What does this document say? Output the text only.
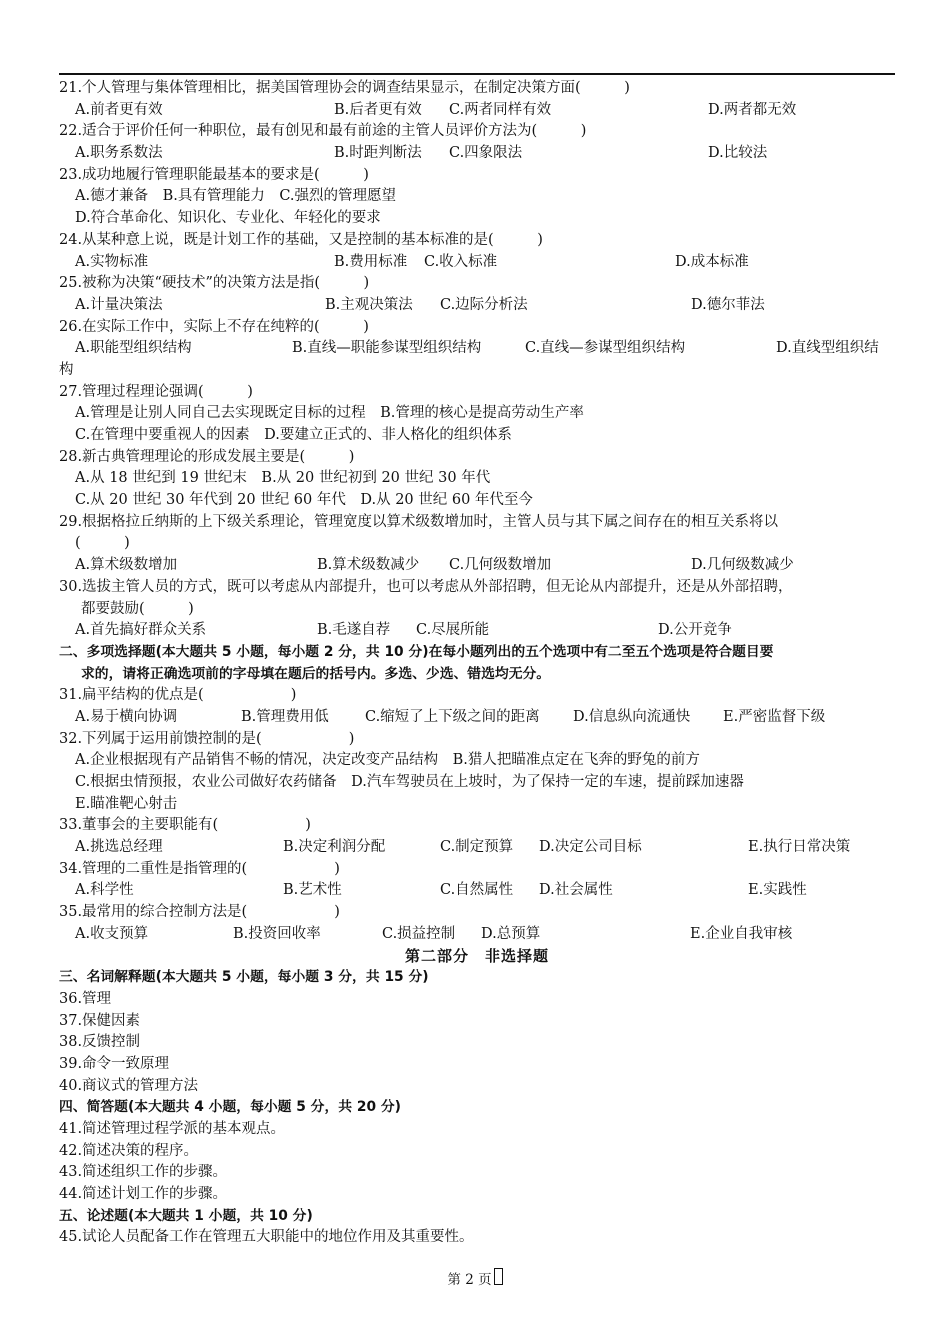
21.个人管理与集体管理相比，据美国管理协会的调查结果显示，在制定决策方面(　　　)
A.前者更有效	B.后者更有效 C.两者同样有效	D.两者都无效
22.适合于评价任何一种职位，最有创见和最有前途的主管人员评价方法为(　　　)
A.职务系数法	B.时距判断法 C.四象限法	D.比较法
23.成功地履行管理职能最基本的要求是(　　　)
A.德才兼备　B.具有管理能力　C.强烈的管理愿望
D.符合革命化、知识化、专业化、年轻化的要求
24.从某种意上说，既是计划工作的基础，又是控制的基本标准的是(　　　)
A.实物标准	B.费用标准 C.收入标准	D.成本标准
25.被称为决策“硬技术”的决策方法是指(　　　)
A.计量决策法	B.主观决策法 C.边际分析法	D.德尔菲法
26.在实际工作中，实际上不存在纯粹的(　　　)
A.职能型组织结构	B.直线—职能参谋型组织结构	C.直线—参谋型组织结构	D.直线型组织结
构
27.管理过程理论强调(　　　)
A.管理是让别人同自己去实现既定目标的过程　B.管理的核心是提高劳动生产率
C.在管理中要重视人的因素　D.要建立正式的、非人格化的组织体系
28.新古典管理理论的形成发展主要是(　　　)
A.从 18 世纪到 19 世纪末　B.从 20 世纪初到 20 世纪 30 年代
C.从 20 世纪 30 年代到 20 世纪 60 年代　D.从 20 世纪 60 年代至今
29.根据格拉丘纳斯的上下级关系理论，管理宽度以算术级数增加时，主管人员与其下属之间存在的相互关系将以
(　　　)
A.算术级数增加	B.算术级数减少 C.几何级数增加	D.几何级数减少
30.选拔主管人员的方式，既可以考虑从内部提升，也可以考虑从外部招聘，但无论从内部提升，还是从外部招聘，
都要鼓励(　　　)
A.首先搞好群众关系	B.毛遂自荐 C.尽展所能	D.公开竞争
二、多项选择题(本大题共 5 小题，每小题 2 分，共 10 分)在每小题列出的五个选项中有二至五个选项是符合题目要
求的，请将正确选项前的字母填在题后的括号内。多选、少选、错选均无分。
31.扁平结构的优点是(　　　　　　)
A.易于横向协调	B.管理费用低 C.缩短了上下级之间的距离 D.信息纵向流通快 E.严密监督下级
32.下列属于运用前馈控制的是(　　　　　　)
A.企业根据现有产品销售不畅的情况，决定改变产品结构　B.猎人把瞄准点定在飞奔的野兔的前方
C.根据虫情预报，农业公司做好农药储备　D.汽车驾驶员在上坡时，为了保持一定的车速，提前踩加速器
E.瞄准靶心射击
33.董事会的主要职能有(　　　　　　)
A.挑选总经理	B.决定利润分配	C.制定预算 D.决定公司目标	E.执行日常决策
34.管理的二重性是指管理的(　　　　　　)
A.科学性	B.艺术性	C.自然属性 D.社会属性	E.实践性
35.最常用的综合控制方法是(　　　　　　)
A.收支预算	B.投资回收率	C.损益控制 D.总预算	E.企业自我审核
第二部分　非选择题
三、名词解释题(本大题共 5 小题，每小题 3 分，共 15 分)
36.管理
37.保健因素
38.反馈控制
39.命令一致原理
40.商议式的管理方法
四、简答题(本大题共 4 小题，每小题 5 分，共 20 分)
41.简述管理过程学派的基本观点。
42.简述决策的程序。
43.简述组织工作的步骤。
44.简述计划工作的步骤。
五、论述题(本大题共 1 小题，共 10 分)
45.试论人员配备工作在管理五大职能中的地位作用及其重要性。
第 2 页
